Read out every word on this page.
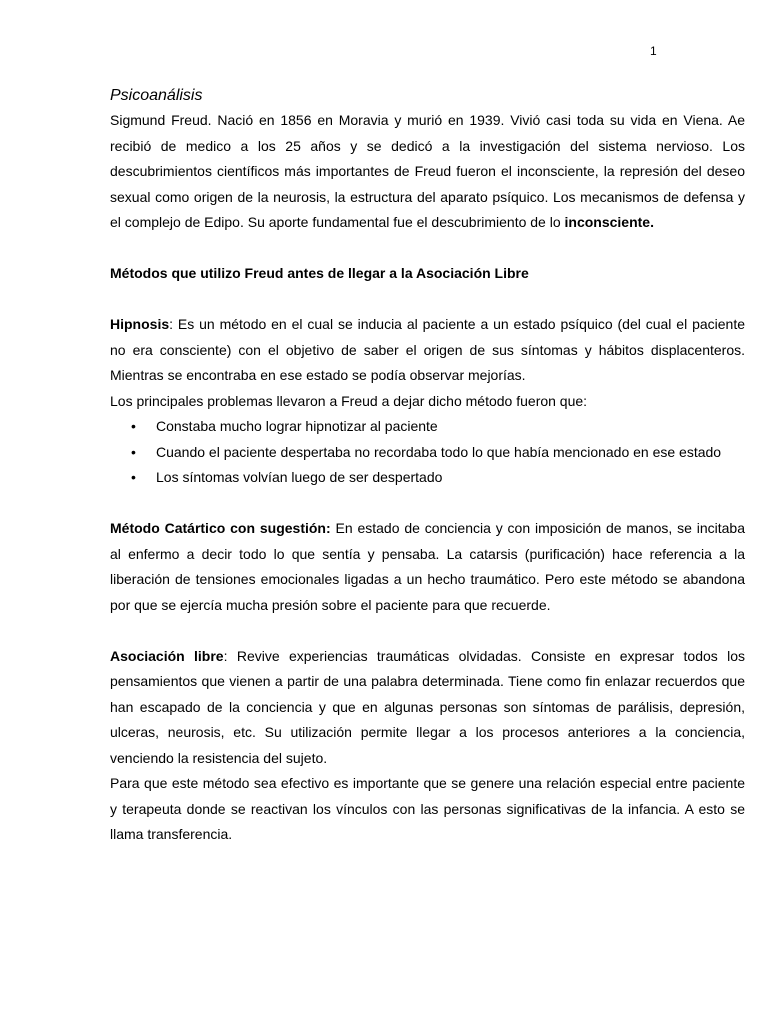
1
Psicoanálisis

Sigmund Freud. Nació en 1856 en Moravia y murió en 1939. Vivió casi toda su vida en Viena. Ae recibió de medico a los 25 años y se dedicó a la investigación del sistema nervioso. Los descubrimientos científicos más importantes de Freud fueron el inconsciente, la represión del deseo sexual como origen de la neurosis, la estructura del aparato psíquico. Los mecanismos de defensa y el complejo de Edipo. Su aporte fundamental fue el descubrimiento de lo inconsciente.

Métodos que utilizo Freud antes de llegar a la Asociación Libre

Hipnosis: Es un método en el cual se inducia al paciente a un estado psíquico (del cual el paciente no era consciente) con el objetivo de saber el origen de sus síntomas y hábitos displacenteros. Mientras se encontraba en ese estado se podía observar mejorías.

Los principales problemas llevaron a Freud a dejar dicho método fueron que:

• Constaba mucho lograr hipnotizar al paciente
• Cuando el paciente despertaba no recordaba todo lo que había mencionado en ese estado
• Los síntomas volvían luego de ser despertado

Método Catártico con sugestión: En estado de conciencia y con imposición de manos, se incitaba al enfermo a decir todo lo que sentía y pensaba. La catarsis (purificación) hace referencia a la liberación de tensiones emocionales ligadas a un hecho traumático. Pero este método se abandona por que se ejercía mucha presión sobre el paciente para que recuerde.

Asociación libre: Revive experiencias traumáticas olvidadas. Consiste en expresar todos los pensamientos que vienen a partir de una palabra determinada. Tiene como fin enlazar recuerdos que han escapado de la conciencia y que en algunas personas son síntomas de parálisis, depresión, ulceras, neurosis, etc. Su utilización permite llegar a los procesos anteriores a la conciencia, venciendo la resistencia del sujeto.

Para que este método sea efectivo es importante que se genere una relación especial entre paciente y terapeuta donde se reactivan los vínculos con las personas significativas de la infancia. A esto se llama transferencia.
